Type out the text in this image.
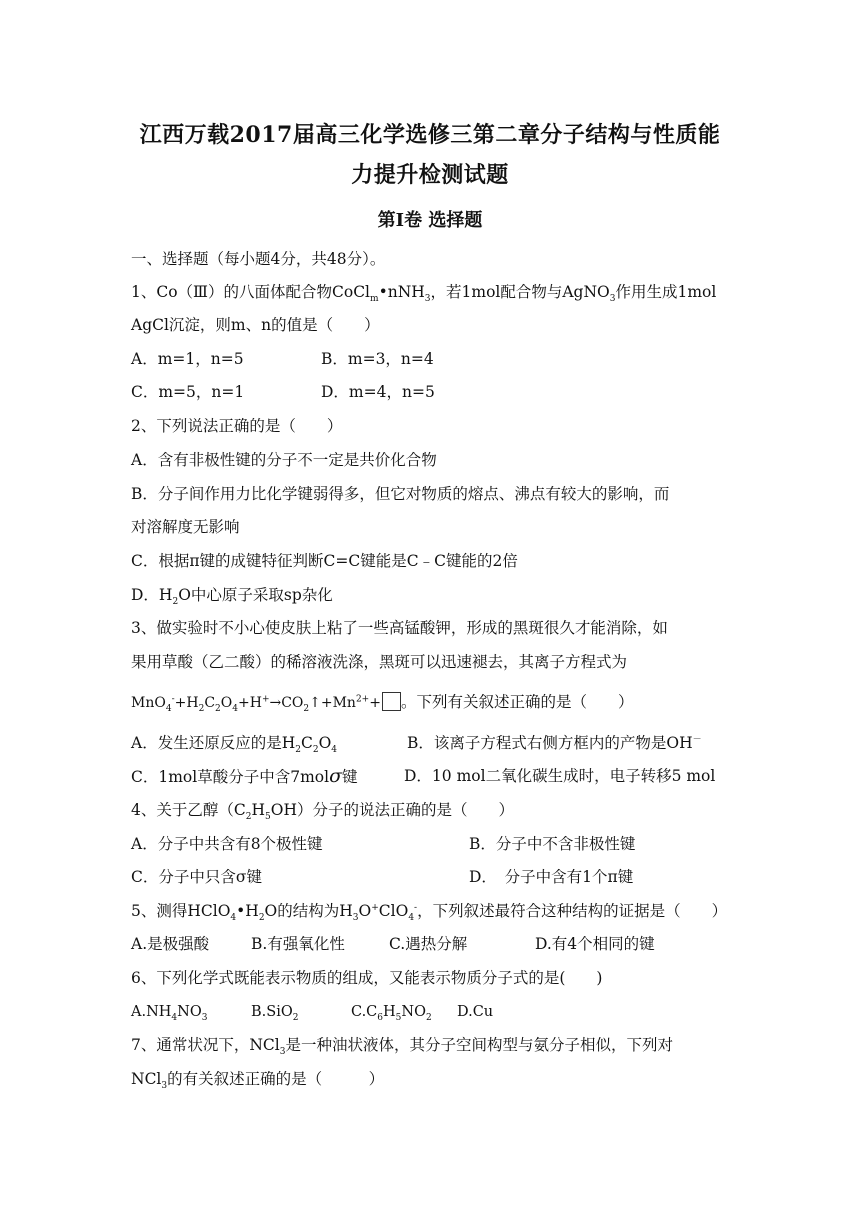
江西万载2017届高三化学选修三第二章分子结构与性质能
力提升检测试题
第Ⅰ卷 选择题
一、选择题（每小题4分，共48分）。
1、Co（Ⅲ）的八面体配合物CoCl$_m$•nNH$_3$，若1mol配合物与AgNO$_3$作用生成1mol
AgCl沉淀，则m、n的值是（　　）
A．m=1，n=5	B．m=3，n=4
C．m=5，n=1	D．m=4，n=5
2、下列说法正确的是（　　）
A．含有非极性键的分子不一定是共价化合物
B．分子间作用力比化学键弱得多，但它对物质的熔点、沸点有较大的影响，而
对溶解度无影响
C．根据π键的成键特征判断C=C键能是C﹣C键能的2倍
D．$H_2O$中心原子采取sp杂化
3、做实验时不小心使皮肤上粘了一些高锰酸钾，形成的黑斑很久才能消除，如
果用草酸（乙二酸）的稀溶液洗涤，黑斑可以迅速褪去，其离子方程式为
$MnO_4^-+H_2C_2O_4+H^+\to CO_2↑+Mn^{2+}+$ 。下列有关叙述正确的是（　　）
A．发生还原反应的是$H_2C_2O_4$	B．该离子方程式右侧方框内的产物是OH－
C．1mol草酸分子中含7molσ键	D．10 mol二氧化碳生成时，电子转移5 mol
4、关于乙醇$(C_2H_5OH)$分子的说法正确的是（　　）
A．分子中共含有8个极性键	B．分子中不含非极性键
C．分子中只含σ键	D．　分子中含有1个π键
5、测得$HClO_4•H_2O$的结构为$H_3O^+ClO_4^-$，下列叙述最符合这种结构的证据是（　　）
A.是极强酸	B.有强氧化性	C.遇热分解	D.有4个相同的键
6、下列化学式既能表示物质的组成，又能表示物质分子式的是(　　)
$A.NH_4NO_3$	B.SiO$_2$	$C.C_6H_5NO_2$ D.Cu
7、通常状况下，NCl$_3$是一种油状液体，其分子空间构型与氨分子相似，下列对
NCl$_3$的有关叙述正确的是（　　　）
